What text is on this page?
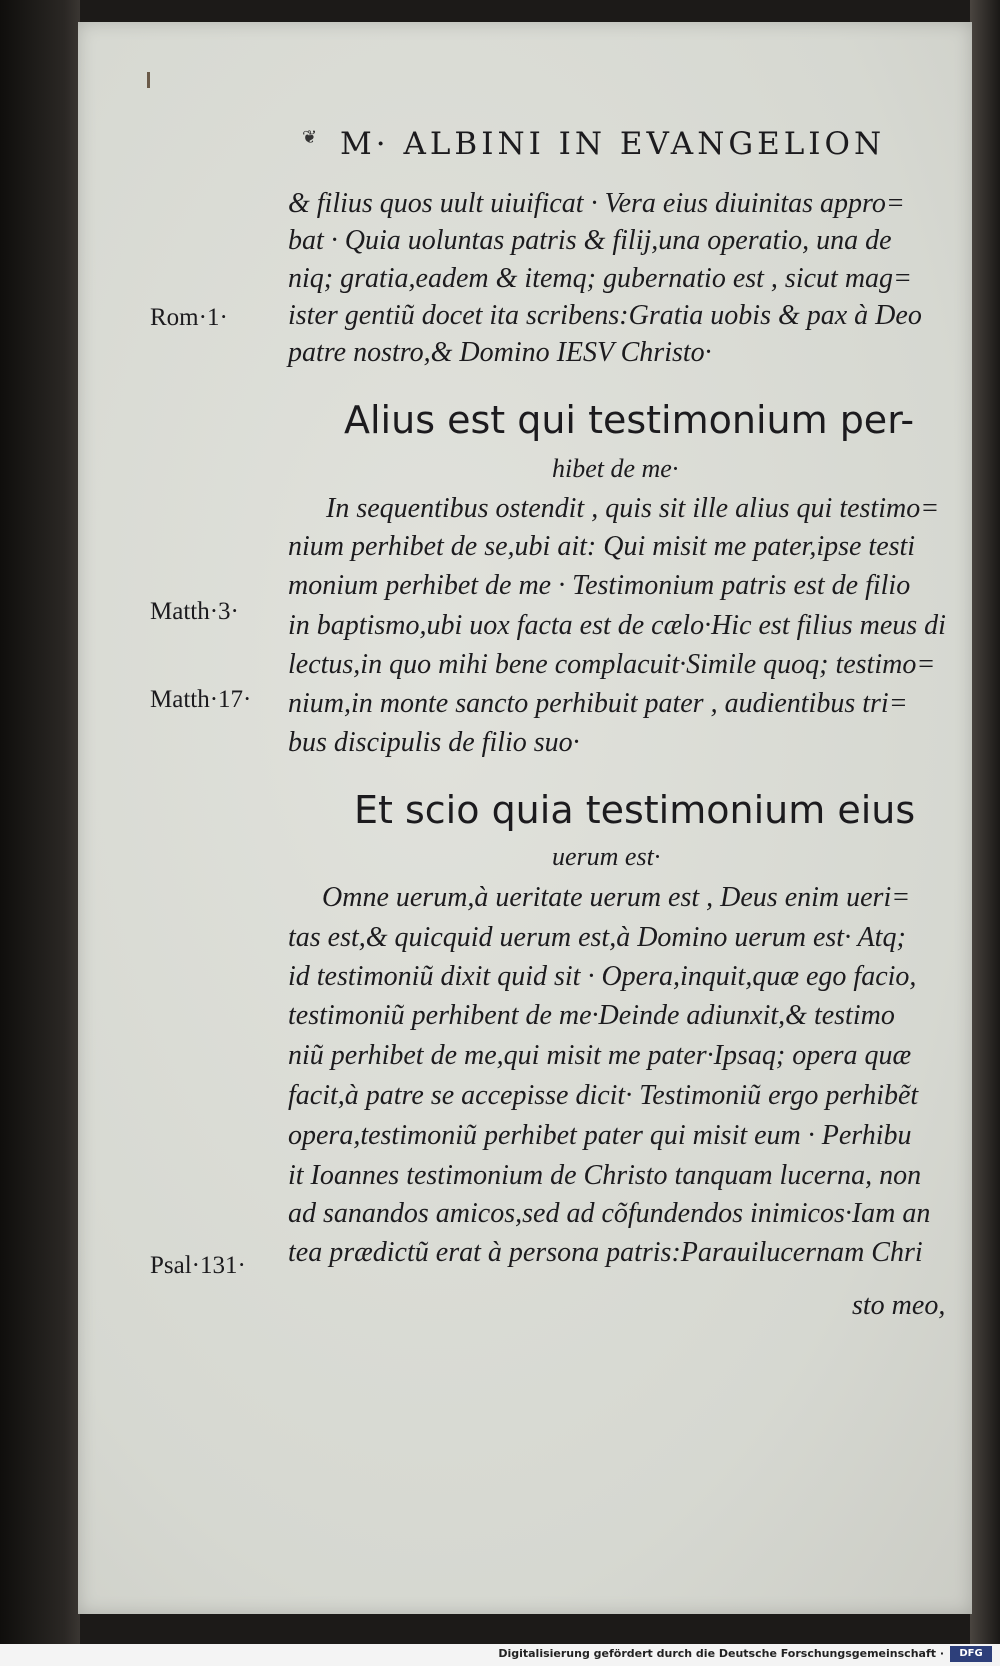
❦ M· ALBINI IN EVANGELION
& filius quos uult uiuificat · Vera eius diuinitas appro=
bat · Quia uoluntas patris & filij,una operatio, una de
niq; gratia,eadem & itemq; gubernatio est , sicut mag=
ister gentiũ docet ita scribens:Gratia uobis & pax à Deo
patre nostro,& Domino IESV Christo·
Rom·1·
Alius est qui testimonium per-
hibet de me·
In sequentibus ostendit , quis sit ille alius qui testimo=
nium perhibet de se,ubi ait: Qui misit me pater,ipse testi
monium perhibet de me · Testimonium patris est de filio
in baptismo,ubi uox facta est de cælo·Hic est filius meus di
lectus,in quo mihi bene complacuit·Simile quoq; testimo=
nium,in monte sancto perhibuit pater , audientibus tri=
bus discipulis de filio suo·
Matth·3·
Matth·17·
Et scio quia testimonium eius
uerum est·
Omne uerum,à ueritate uerum est , Deus enim ueri=
tas est,& quicquid uerum est,à Domino uerum est· Atq;
id testimoniũ dixit quid sit · Opera,inquit,quæ ego facio,
testimoniũ perhibent de me·Deinde adiunxit,& testimo
niũ perhibet de me,qui misit me pater·Ipsaq; opera quæ
facit,à patre se accepisse dicit· Testimoniũ ergo perhibẽt
opera,testimoniũ perhibet pater qui misit eum · Perhibu
it Ioannes testimonium de Christo tanquam lucerna, non
ad sanandos amicos,sed ad cõfundendos inimicos·Iam an
tea prædictũ erat à persona patris:Parauilucernam Chri
Psal·131·
sto meo,
Digitalisierung gefördert durch die Deutsche Forschungsgemeinschaft ·	DFG
